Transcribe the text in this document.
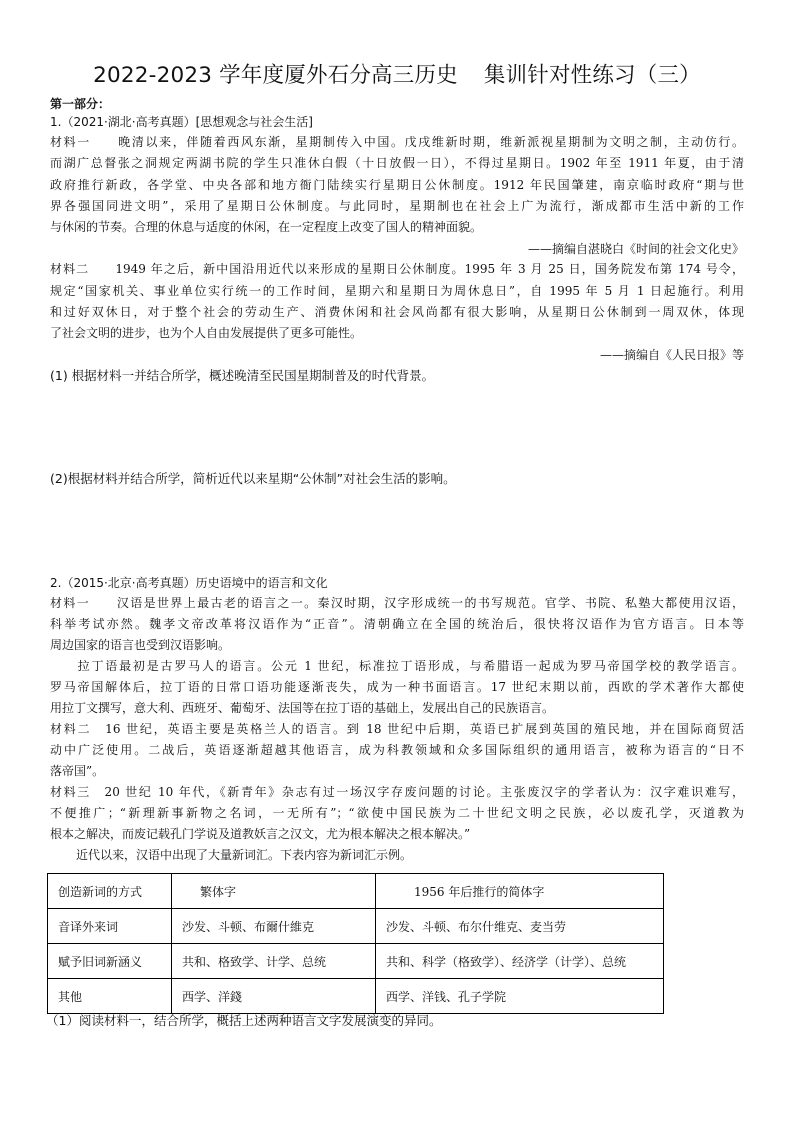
2022-2023 学年度厦外石分高三历史 集训针对性练习（三）
第一部分：
1.（2021·湖北·高考真题）[思想观念与社会生活]
材料一　　晚清以来，伴随着西风东渐，星期制传入中国。戊戌维新时期，维新派视星期制为文明之制，主动仿行。
而湖广总督张之洞规定两湖书院的学生只准休白假（十日放假一日），不得过星期日。1902 年至 1911 年夏，由于清
政府推行新政，各学堂、中央各部和地方衙门陆续实行星期日公休制度。1912 年民国肇建，南京临时政府“期与世
界各强国同进文明”，采用了星期日公休制度。与此同时，星期制也在社会上广为流行，渐成都市生活中新的工作
与休闲的节奏。合理的休息与适度的休闲，在一定程度上改变了国人的精神面貌。
——摘编自湛晓白《时间的社会文化史》
材料二　　1949 年之后，新中国沿用近代以来形成的星期日公休制度。1995 年 3 月 25 日，国务院发布第 174 号令，
规定“国家机关、事业单位实行统一的工作时间，星期六和星期日为周休息日”，自 1995 年 5 月 1 日起施行。利用
和过好双休日，对于整个社会的劳动生产、消费休闲和社会风尚都有很大影响，从星期日公休制到一周双休，体现
了社会文明的进步，也为个人自由发展提供了更多可能性。
——摘编自《人民日报》等
(1) 根据材料一并结合所学，概述晚清至民国星期制普及的时代背景。
(2)根据材料并结合所学，简析近代以来星期“公休制”对社会生活的影响。
2.（2015·北京·高考真题）历史语境中的语言和文化
材料一　　汉语是世界上最古老的语言之一。秦汉时期，汉字形成统一的书写规范。官学、书院、私塾大都使用汉语，
科举考试亦然。魏孝文帝改革将汉语作为“正音”。清朝确立在全国的统治后，很快将汉语作为官方语言。日本等
周边国家的语言也受到汉语影响。
　　拉丁语最初是古罗马人的语言。公元 1 世纪，标准拉丁语形成，与希腊语一起成为罗马帝国学校的教学语言。
罗马帝国解体后，拉丁语的日常口语功能逐渐丧失，成为一种书面语言。17 世纪末期以前，西欧的学术著作大都使
用拉丁文撰写，意大利、西班牙、葡萄牙、法国等在拉丁语的基础上，发展出自己的民族语言。
材料二　16 世纪，英语主要是英格兰人的语言。到 18 世纪中后期，英语已扩展到英国的殖民地，并在国际商贸活
动中广泛使用。二战后，英语逐渐超越其他语言，成为科教领域和众多国际组织的通用语言，被称为语言的“日不
落帝国”。
材料三　20 世纪 10 年代，《新青年》杂志有过一场汉字存废问题的讨论。主张废汉字的学者认为：汉字难识难写，
不便推广；“新理新事新物之名词，一无所有”；“欲使中国民族为二十世纪文明之民族，必以废孔学，灭道教为
根本之解决，而废记载孔门学说及道教妖言之汉文，尤为根本解决之根本解决。”
近代以来，汉语中出现了大量新词汇。下表内容为新词汇示例。
创造新词的方式	繁体字	1956 年后推行的简体字
音译外来词	沙发、斗顿、布爾什維克	沙发、斗顿、布尔什维克、麦当劳
赋予旧词新涵义	共和、格致学、计学、总统	共和、科学（格致学）、经济学（计学）、总统
其他	西学、洋錢	西学、洋钱、孔子学院
（1）阅读材料一，结合所学，概括上述两种语言文字发展演变的异同。
